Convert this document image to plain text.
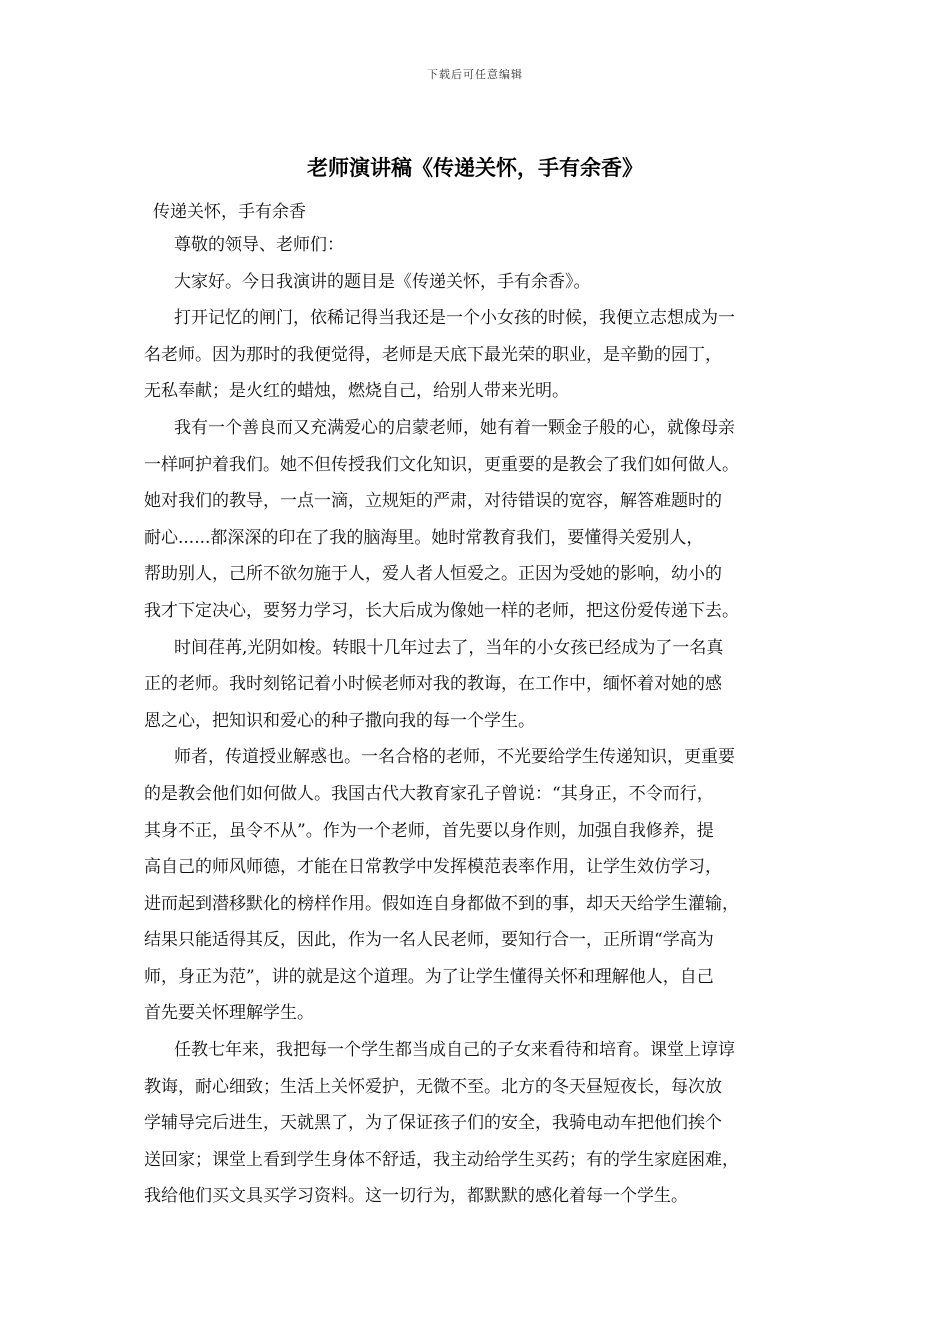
下载后可任意编辑
老师演讲稿《传递关怀，手有余香》

传递关怀，手有余香

尊敬的领导、老师们：

大家好。今日我演讲的题目是《传递关怀，手有余香》。

打开记忆的闸门，依稀记得当我还是一个小女孩的时候，我便立志想成为一
名老师。因为那时的我便觉得，老师是天底下最光荣的职业，是辛勤的园丁，
无私奉献；是火红的蜡烛，燃烧自己，给别人带来光明。

我有一个善良而又充满爱心的启蒙老师，她有着一颗金子般的心，就像母亲
一样呵护着我们。她不但传授我们文化知识，更重要的是教会了我们如何做人。
她对我们的教导，一点一滴，立规矩的严肃，对待错误的宽容，解答难题时的
耐心......都深深的印在了我的脑海里。她时常教育我们，要懂得关爱别人，
帮助别人，己所不欲勿施于人，爱人者人恒爱之。正因为受她的影响，幼小的
我才下定决心，要努力学习，长大后成为像她一样的老师，把这份爱传递下去。

时间荏苒,光阴如梭。转眼十几年过去了，当年的小女孩已经成为了一名真
正的老师。我时刻铭记着小时候老师对我的教诲，在工作中，缅怀着对她的感
恩之心，把知识和爱心的种子撒向我的每一个学生。

师者，传道授业解惑也。一名合格的老师，不光要给学生传递知识，更重要
的是教会他们如何做人。我国古代大教育家孔子曾说：“其身正，不令而行，
其身不正，虽令不从”。作为一个老师，首先要以身作则，加强自我修养，提
高自己的师风师德，才能在日常教学中发挥模范表率作用，让学生效仿学习，
进而起到潜移默化的榜样作用。假如连自身都做不到的事，却天天给学生灌输，
结果只能适得其反，因此，作为一名人民老师，要知行合一，正所谓“学高为
师，身正为范”，讲的就是这个道理。为了让学生懂得关怀和理解他人，自己
首先要关怀理解学生。

任教七年来，我把每一个学生都当成自己的子女来看待和培育。课堂上谆谆
教诲，耐心细致；生活上关怀爱护，无微不至。北方的冬天昼短夜长，每次放
学辅导完后进生，天就黑了，为了保证孩子们的安全，我骑电动车把他们挨个
送回家；课堂上看到学生身体不舒适，我主动给学生买药；有的学生家庭困难，
我给他们买文具买学习资料。这一切行为，都默默的感化着每一个学生。
